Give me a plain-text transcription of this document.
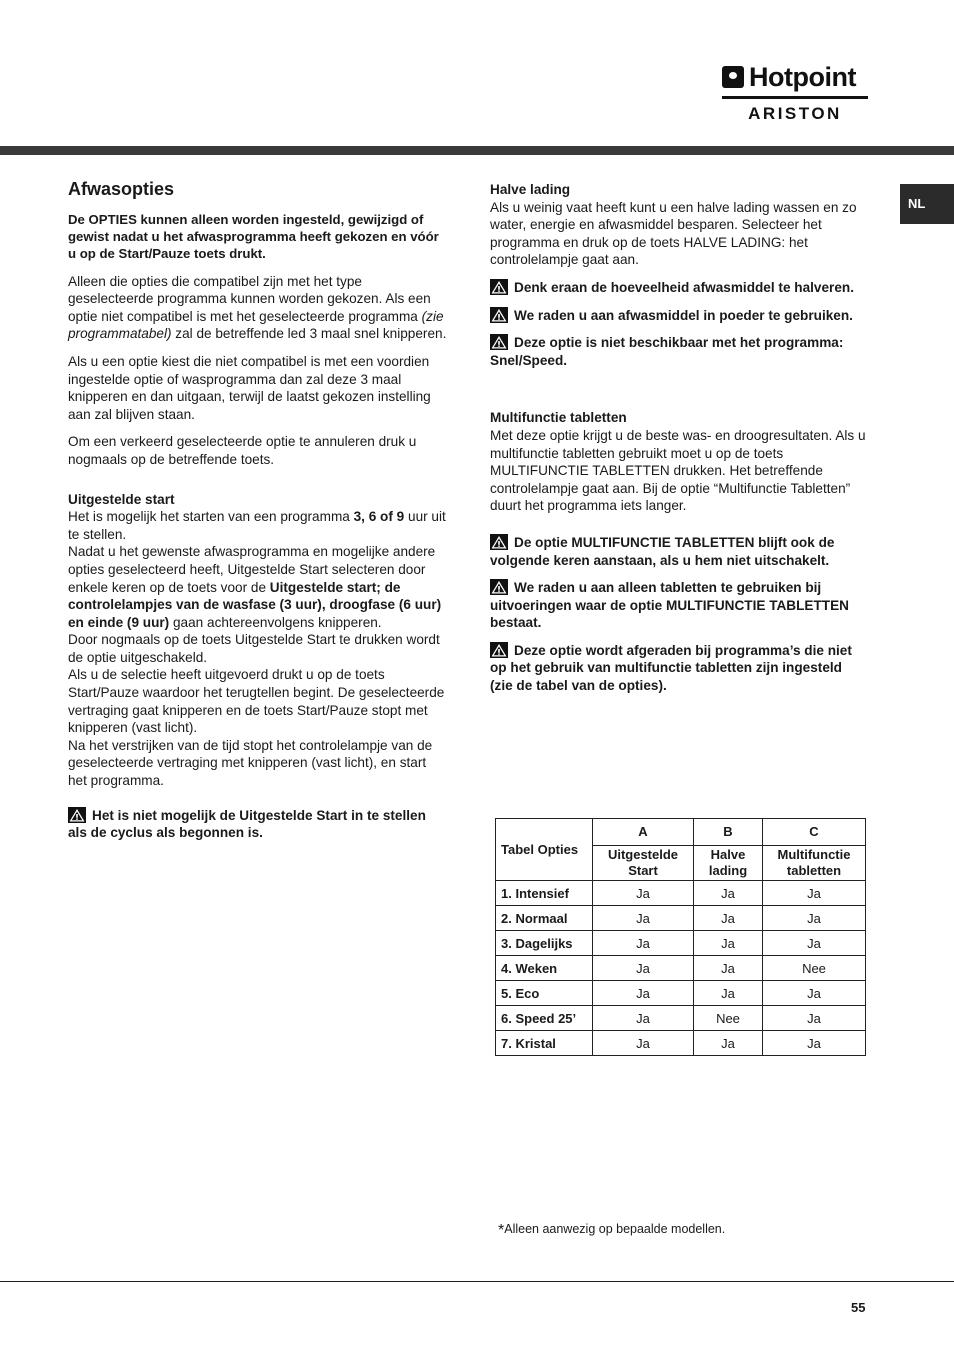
Hotpoint
ARISTON
NL
Afwasopties

De OPTIES kunnen alleen worden ingesteld, gewijzigd of gewist nadat u het afwasprogramma heeft gekozen en vóór u op de Start/Pauze toets drukt.

Alleen die opties die compatibel zijn met het type geselecteerde programma kunnen worden gekozen. Als een optie niet compatibel is met het geselecteerde programma (zie programmatabel) zal de betreffende led 3 maal snel knipperen.

Als u een optie kiest die niet compatibel is met een voordien ingestelde optie of wasprogramma dan zal deze 3 maal knipperen en dan uitgaan, terwijl de laatst gekozen instelling aan zal blijven staan.

Om een verkeerd geselecteerde optie te annuleren druk u nogmaals op de betreffende toets.

Uitgestelde start

Het is mogelijk het starten van een programma 3, 6 of 9 uur uit te stellen.

Nadat u het gewenste afwasprogramma en mogelijke andere opties geselecteerd heeft, Uitgestelde Start selecteren door enkele keren op de toets voor de Uitgestelde start; de controlelampjes van de wasfase (3 uur), droogfase (6 uur) en einde (9 uur) gaan achtereenvolgens knipperen.

Door nogmaals op de toets Uitgestelde Start te drukken wordt de optie uitgeschakeld.

Als u de selectie heeft uitgevoerd drukt u op de toets Start/Pauze waardoor het terugtellen begint. De geselecteerde vertraging gaat knipperen en de toets Start/Pauze stopt met knipperen (vast licht).

Na het verstrijken van de tijd stopt het controlelampje van de geselecteerde vertraging met knipperen (vast licht), en start het programma.

Het is niet mogelijk de Uitgestelde Start in te stellen als de cyclus als begonnen is.

Halve lading

Als u weinig vaat heeft kunt u een halve lading wassen en zo water, energie en afwasmiddel besparen. Selecteer het programma en druk op de toets HALVE LADING: het controlelampje gaat aan.

Denk eraan de hoeveelheid afwasmiddel te halveren.

We raden u aan afwasmiddel in poeder te gebruiken.

Deze optie is niet beschikbaar met het programma: Snel/Speed.

Multifunctie tabletten

Met deze optie krijgt u de beste was- en droogresultaten. Als u multifunctie tabletten gebruikt moet u op de toets MULTIFUNCTIE TABLETTEN drukken. Het betreffende controlelampje gaat aan. Bij de optie “Multifunctie Tabletten” duurt het programma iets langer.

De optie MULTIFUNCTIE TABLETTEN blijft ook de volgende keren aanstaan, als u hem niet uitschakelt.

We raden u aan alleen tabletten te gebruiken bij uitvoeringen waar de optie MULTIFUNCTIE TABLETTEN bestaat.

Deze optie wordt afgeraden bij programma’s die niet op het gebruik van multifunctie tabletten zijn ingesteld (zie de tabel van de opties).

Tabel Opties	A	B	C
	Uitgestelde Start	Halve lading	Multifunctie tabletten
1. Intensief	Ja	Ja	Ja
2. Normaal	Ja	Ja	Ja
3. Dagelijks	Ja	Ja	Ja
4. Weken	Ja	Ja	Nee
5. Eco	Ja	Ja	Ja
6. Speed 25’	Ja	Nee	Ja
7. Kristal	Ja	Ja	Ja
*Alleen aanwezig op bepaalde modellen.
55
